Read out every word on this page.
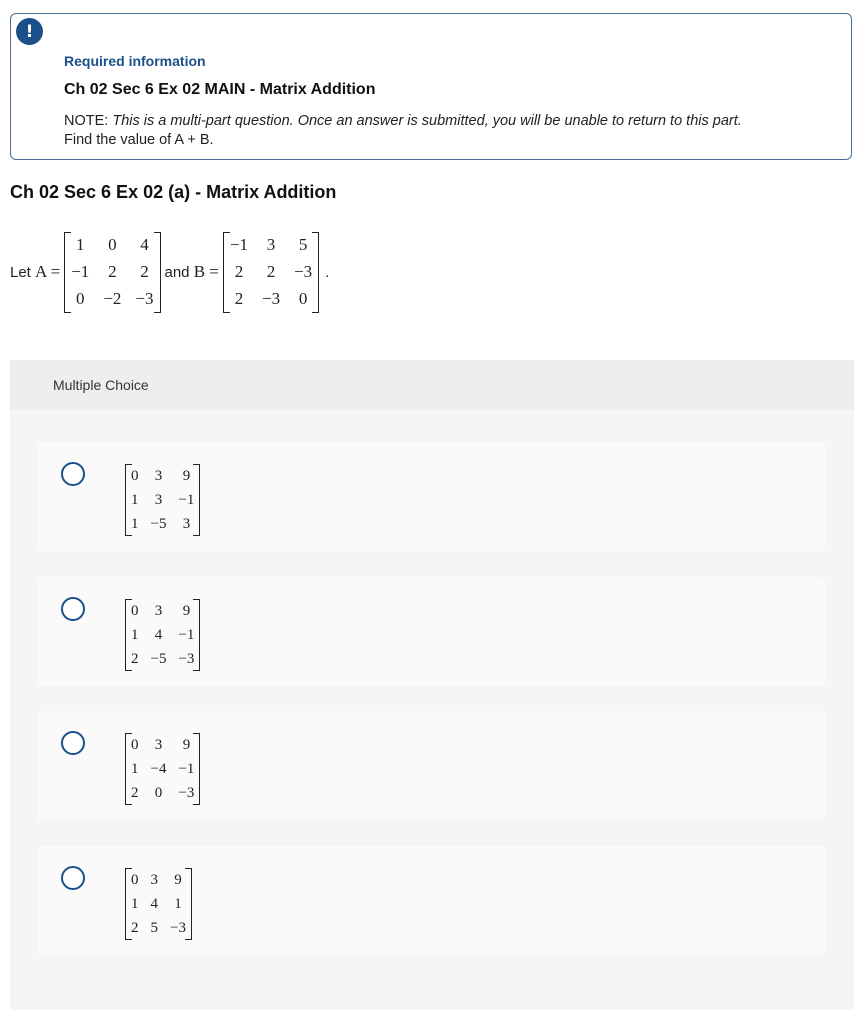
!
Required information
Ch 02 Sec 6 Ex 02 MAIN - Matrix Addition
NOTE: This is a multi-part question. Once an answer is submitted, you will be unable to return to this part.
Find the value of A + B.
Ch 02 Sec 6 Ex 02 (a) - Matrix Addition
Let
A =
1	0	4
−1	2	2
0	−2	−3
and
B =
−1	3	5
2	2	−3
2	−3	0
.
Multiple Choice
0	3	9
1	3	−1
1	−5	3
0	3	9
1	4	−1
2	−5	−3
0	3	9
1	−4	−1
2	0	−3
0	3	9
1	4	1
2	5	−3
